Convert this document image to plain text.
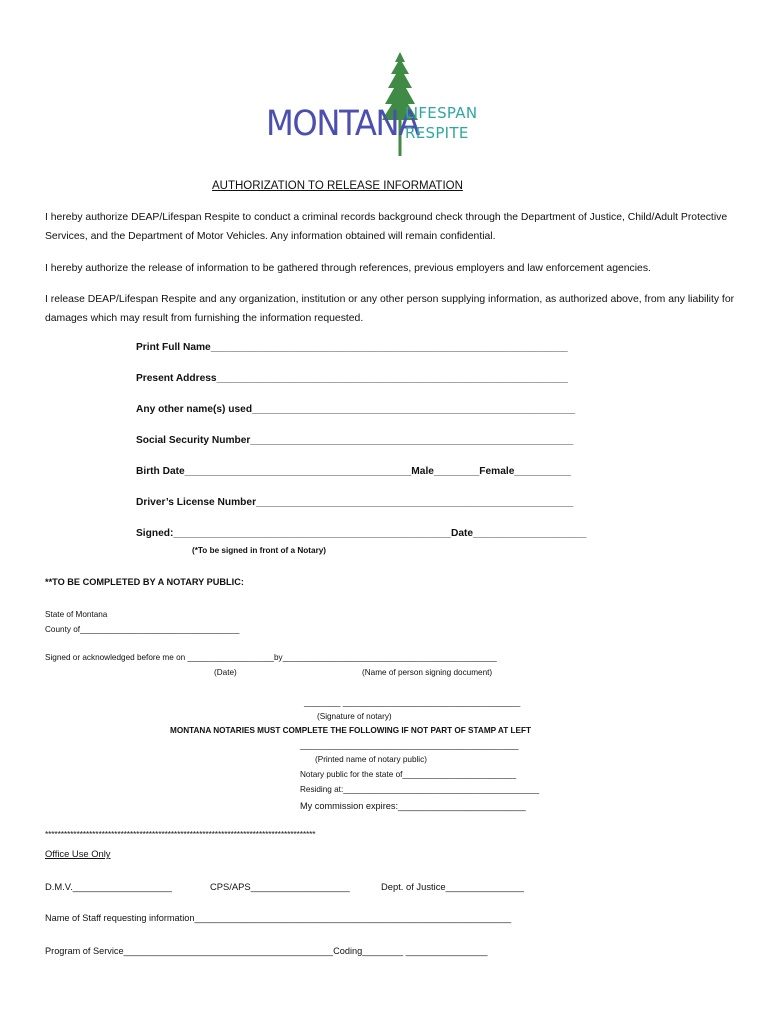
MONTANA
LIFESPAN
RESPITE
AUTHORIZATION TO RELEASE INFORMATION
I hereby authorize DEAP/Lifespan Respite to conduct a criminal records background check through the Department of Justice, Child/Adult Protective Services, and the Department of Motor Vehicles. Any information obtained will remain confidential.
I hereby authorize the release of information to be gathered through references, previous employers and law enforcement agencies.
I release DEAP/Lifespan Respite and any organization, institution or any other person supplying information, as authorized above, from any liability for damages which may result from furnishing the information requested.
Print Full Name_______________________________________________________________
Present Address______________________________________________________________
Any other name(s) used_________________________________________________________
Social Security Number_________________________________________________________
Birth Date________________________________________Male________Female__________
Driver’s License Number________________________________________________________
Signed:_________________________________________________Date____________________
(*To be signed in front of a Notary)
**TO BE COMPLETED BY A NOTARY PUBLIC:
State of Montana
County of___________________________________
Signed or acknowledged before me on ___________________by_______________________________________________
(Date)	(Name of person signing document)
________ _______________________________________
(Signature of notary)
MONTANA NOTARIES MUST COMPLETE THE FOLLOWING IF NOT PART OF STAMP AT LEFT
________________________________________________
(Printed name of notary public)
Notary public for the state of_________________________
Residing at:___________________________________________
My commission expires:_________________________
**************************************************************************************
Office Use Only
D.M.V.___________________	CPS/APS___________________	Dept. of Justice_______________
Name of Staff requesting information______________________________________________________________
Program of Service_________________________________________Coding________ ________________
